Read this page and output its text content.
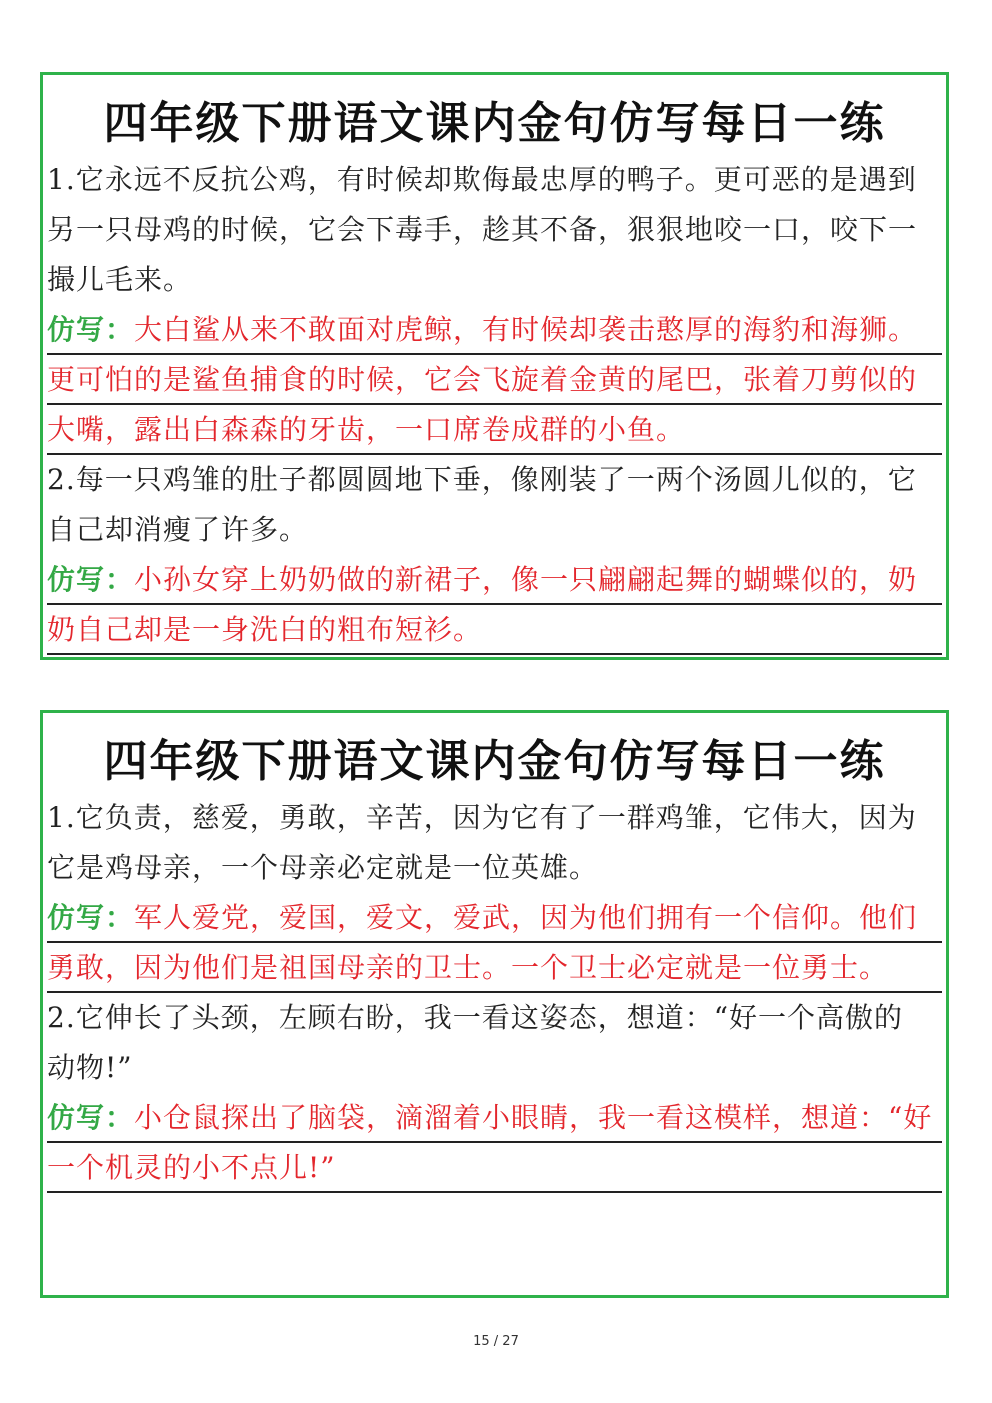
四年级下册语文课内金句仿写每日一练
1.它永远不反抗公鸡，有时候却欺侮最忠厚的鸭子。更可恶的是遇到
另一只母鸡的时候，它会下毒手，趁其不备，狠狠地咬一口，咬下一
撮儿毛来。
仿写：大白鲨从来不敢面对虎鲸，有时候却袭击憨厚的海豹和海狮。
更可怕的是鲨鱼捕食的时候，它会飞旋着金黄的尾巴，张着刀剪似的
大嘴，露出白森森的牙齿，一口席卷成群的小鱼。
2.每一只鸡雏的肚子都圆圆地下垂，像刚装了一两个汤圆儿似的，它
自己却消瘦了许多。
仿写：小孙女穿上奶奶做的新裙子，像一只翩翩起舞的蝴蝶似的，奶
奶自己却是一身洗白的粗布短衫。
四年级下册语文课内金句仿写每日一练
1.它负责，慈爱，勇敢，辛苦，因为它有了一群鸡雏，它伟大，因为
它是鸡母亲，一个母亲必定就是一位英雄。
仿写：军人爱党，爱国，爱文，爱武，因为他们拥有一个信仰。他们
勇敢，因为他们是祖国母亲的卫士。一个卫士必定就是一位勇士。
2.它伸长了头颈，左顾右盼，我一看这姿态，想道：“好一个高傲的
动物!”
仿写：小仓鼠探出了脑袋，滴溜着小眼睛，我一看这模样，想道：“好
一个机灵的小不点儿!”
15 / 27
